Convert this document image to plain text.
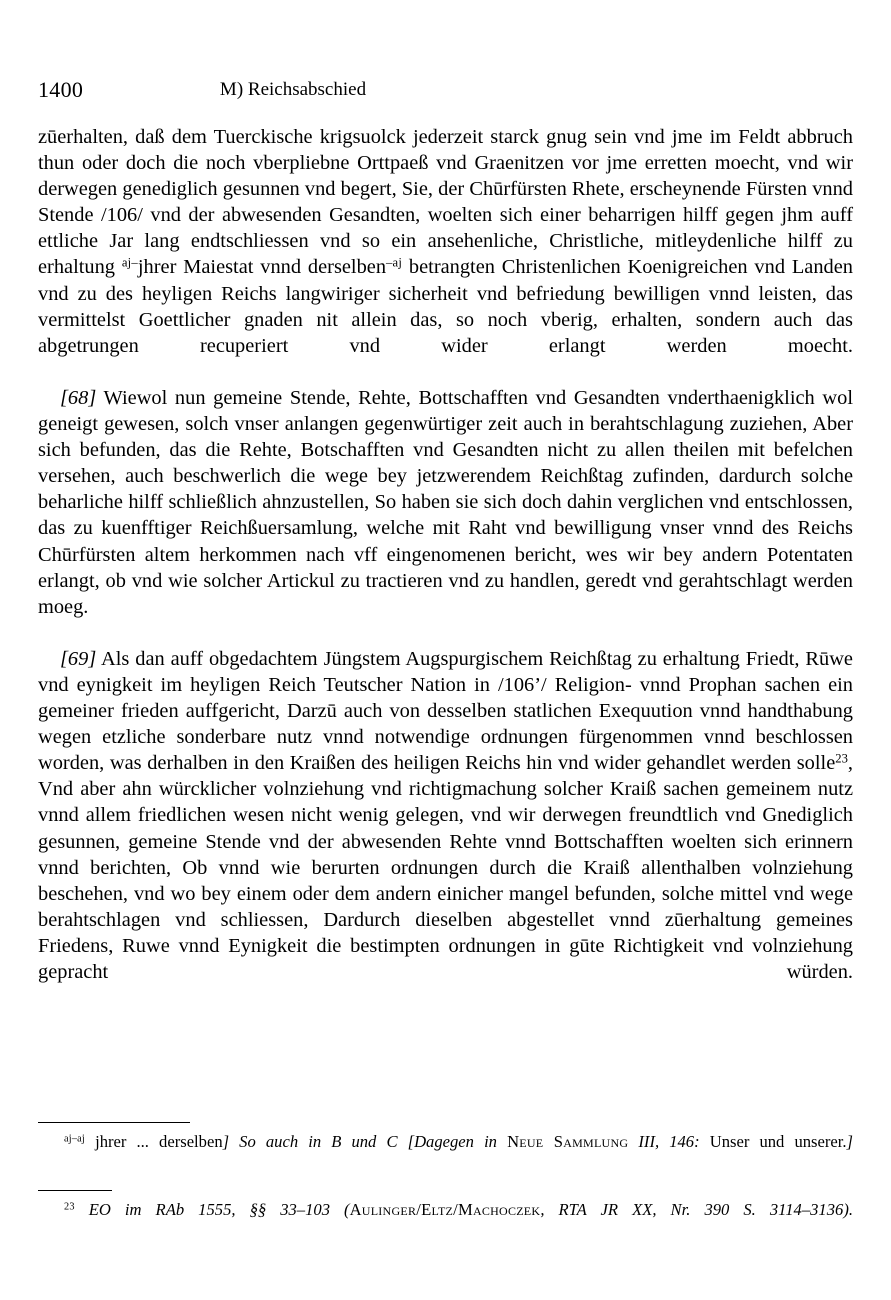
1400	M) Reichsabschied

zūerhalten, daß dem Tuerckische krigsuolck jederzeit starck gnug sein vnd jme im Feldt abbruch thun oder doch die noch vberpliebne Orttpaeß vnd Graenitzen vor jme erretten moecht, vnd wir derwegen genediglich gesunnen vnd begert, Sie, der Chūrfürsten Rhete, erscheynende Fürsten vnnd Stende /106/ vnd der abwesenden Gesandten, woelten sich einer beharrigen hilff gegen jhm auff ettliche Jar lang endtschliessen vnd so ein ansehenliche, Christliche, mitleydenliche hilff zu erhaltung $^{aj-}$jhrer Maiestat vnnd derselben$^{-aj}$ betrangten Christenlichen Koenigreichen vnd Landen vnd zu des heyligen Reichs langwiriger sicherheit vnd befriedung bewilligen vnnd leisten, das vermittelst Goettlicher gnaden nit allein das, so noch vberig, erhalten, sondern auch das abgetrungen recuperiert vnd wider erlangt werden moecht.

[68] Wiewol nun gemeine Stende, Rehte, Bottschafften vnd Gesandten vnderthaenigklich wol geneigt gewesen, solch vnser anlangen gegenwürtiger zeit auch in berahtschlagung zuziehen, Aber sich befunden, das die Rehte, Botschafften vnd Gesandten nicht zu allen theilen mit befelchen versehen, auch beschwerlich die wege bey jetzwerendem Reichßtag zufinden, dardurch solche beharliche hilff schließlich ahnzustellen, So haben sie sich doch dahin verglichen vnd entschlossen, das zu kuenfftiger Reichßuersamlung, welche mit Raht vnd bewilligung vnser vnnd des Reichs Chūrfürsten altem herkommen nach vff eingenomenen bericht, wes wir bey andern Potentaten erlangt, ob vnd wie solcher Artickul zu tractieren vnd zu handlen, geredt vnd gerahtschlagt werden moeg.

[69] Als dan auff obgedachtem Jüngstem Augspurgischem Reichßtag zu erhaltung Friedt, Rūwe vnd eynigkeit im heyligen Reich Teutscher Nation in /106’/ Religion- vnnd Prophan sachen ein gemeiner frieden auffgericht, Darzū auch von desselben statlichen Exequution vnnd handthabung wegen etzliche sonderbare nutz vnnd notwendige ordnungen fürgenommen vnnd beschlossen worden, was derhalben in den Kraißen des heiligen Reichs hin vnd wider gehandlet werden solle$^{23}$, Vnd aber ahn würcklicher volnziehung vnd richtigmachung solcher Kraiß sachen gemeinem nutz vnnd allem friedlichen wesen nicht wenig gelegen, vnd wir derwegen freundtlich vnd Gnediglich gesunnen, gemeine Stende vnd der abwesenden Rehte vnnd Bottschafften woelten sich erinnern vnnd berichten, Ob vnnd wie berurten ordnungen durch die Kraiß allenthalben volnziehung beschehen, vnd wo bey einem oder dem andern einicher mangel befunden, solche mittel vnd wege berahtschlagen vnd schliessen, Dardurch dieselben abgestellet vnnd zūerhaltung gemeines Friedens, Ruwe vnnd Eynigkeit die bestimpten ordnungen in gūte Richtigkeit vnd volnziehung gepracht würden.

$^{aj-aj}$ jhrer ... derselben] So auch in B und C [Dagegen in Neue Sammlung III, 146: Unser und unserer.]
$^{23}$ EO im RAb 1555, §§ 33–103 (Aulinger/Eltz/Machoczek, RTA JR XX, Nr. 390 S. 3114–3136).
